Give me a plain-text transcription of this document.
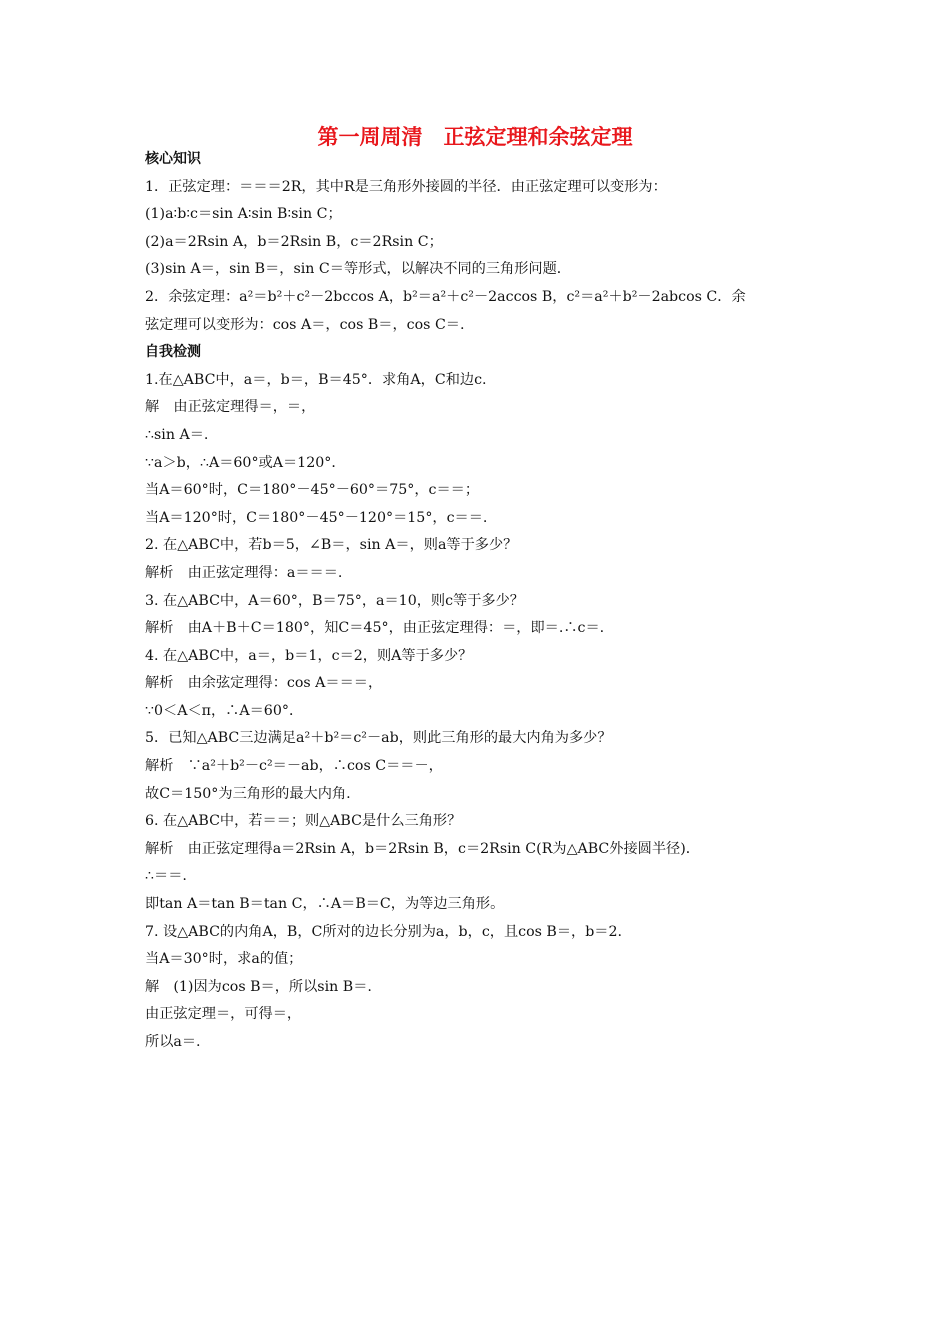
第一周周清　正弦定理和余弦定理
核心知识
1．正弦定理：＝＝＝2R，其中R是三角形外接圆的半径．由正弦定理可以变形为：
(1)a∶b∶c＝sin A∶sin B∶sin C；
(2)a＝2Rsin A，b＝2Rsin B，c＝2Rsin C；
(3)sin A＝，sin B＝，sin C＝等形式，以解决不同的三角形问题．
2．余弦定理：a²＝b²＋c²－2bccos A，b²＝a²＋c²－2accos B，c²＝a²＋b²－2abcos C．余
弦定理可以变形为：cos A＝，cos B＝，cos C＝.
自我检测
1.在△ABC中，a＝，b＝，B＝45°．求角A，C和边c.
解　由正弦定理得＝，＝，
∴sin A＝.
∵a＞b，∴A＝60°或A＝120°．
当A＝60°时，C＝180°－45°－60°＝75°，c＝＝；
当A＝120°时，C＝180°－45°－120°＝15°，c＝＝.
2. 在△ABC中，若b＝5，∠B＝，sin A＝，则a等于多少？
解析　由正弦定理得：a＝＝＝.
3. 在△ABC中，A＝60°，B＝75°，a＝10，则c等于多少？
解析　由A＋B＋C＝180°，知C＝45°，由正弦定理得：＝，即＝.∴c＝.
4. 在△ABC中，a＝，b＝1，c＝2，则A等于多少？
解析　由余弦定理得：cos A＝＝＝，
∵0＜A＜π，∴A＝60°．
5．已知△ABC三边满足a²＋b²＝c²－ab，则此三角形的最大内角为多少？
解析　∵a²＋b²－c²＝－ab，∴cos C＝＝－，
故C＝150°为三角形的最大内角.
6. 在△ABC中，若＝＝；则△ABC是什么三角形？
解析　由正弦定理得a＝2Rsin A，b＝2Rsin B，c＝2Rsin C(R为△ABC外接圆半径)．
∴＝＝.
即tan A＝tan B＝tan C，∴A＝B＝C，为等边三角形。
7. 设△ABC的内角A，B，C所对的边长分别为a，b，c，且cos B＝，b＝2.
当A＝30°时，求a的值；
解　(1)因为cos B＝，所以sin B＝.
由正弦定理＝，可得＝，
所以a＝.
